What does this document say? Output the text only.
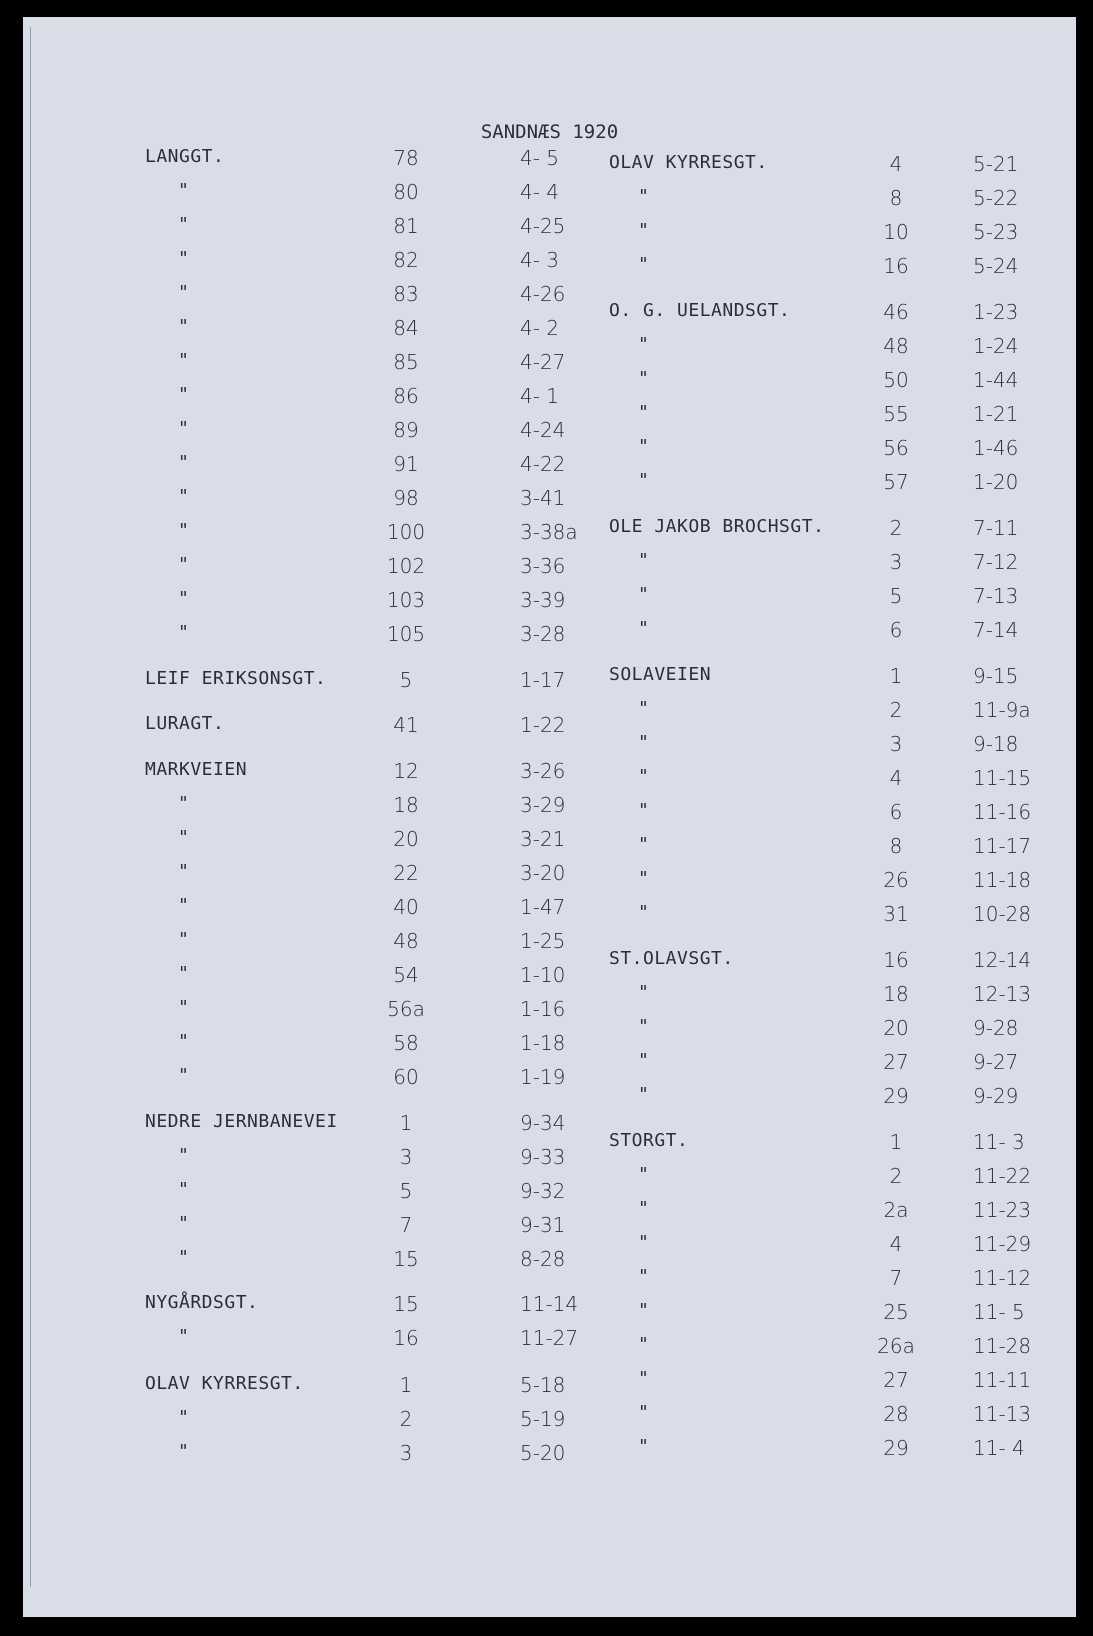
SANDNÆS 1920
LANGGT.	78	4- 5
"	80	4- 4
"	81	4-25
"	82	4- 3
"	83	4-26
"	84	4- 2
"	85	4-27
"	86	4- 1
"	89	4-24
"	91	4-22
"	98	3-41
"	100	3-38a
"	102	3-36
"	103	3-39
"	105	3-28
LEIF ERIKSONSGT.	5	1-17
LURAGT.	41	1-22
MARKVEIEN	12	3-26
"	18	3-29
"	20	3-21
"	22	3-20
"	40	1-47
"	48	1-25
"	54	1-10
"	56a	1-16
"	58	1-18
"	60	1-19
NEDRE JERNBANEVEI	1	9-34
"	3	9-33
"	5	9-32
"	7	9-31
"	15	8-28
NYGÅRDSGT.	15	11-14
"	16	11-27
OLAV KYRRESGT.	1	5-18
"	2	5-19
"	3	5-20
OLAV KYRRESGT.	4	5-21
"	8	5-22
"	10	5-23
"	16	5-24
O. G. UELANDSGT.	46	1-23
"	48	1-24
"	50	1-44
"	55	1-21
"	56	1-46
"	57	1-20
OLE JAKOB BROCHSGT.	2	7-11
"	3	7-12
"	5	7-13
"	6	7-14
SOLAVEIEN	1	9-15
"	2	11-9a
"	3	9-18
"	4	11-15
"	6	11-16
"	8	11-17
"	26	11-18
"	31	10-28
ST.OLAVSGT.	16	12-14
"	18	12-13
"	20	9-28
"	27	9-27
"	29	9-29
STORGT.	1	11- 3
"	2	11-22
"	2a	11-23
"	4	11-29
"	7	11-12
"	25	11- 5
"	26a	11-28
"	27	11-11
"	28	11-13
"	29	11- 4
